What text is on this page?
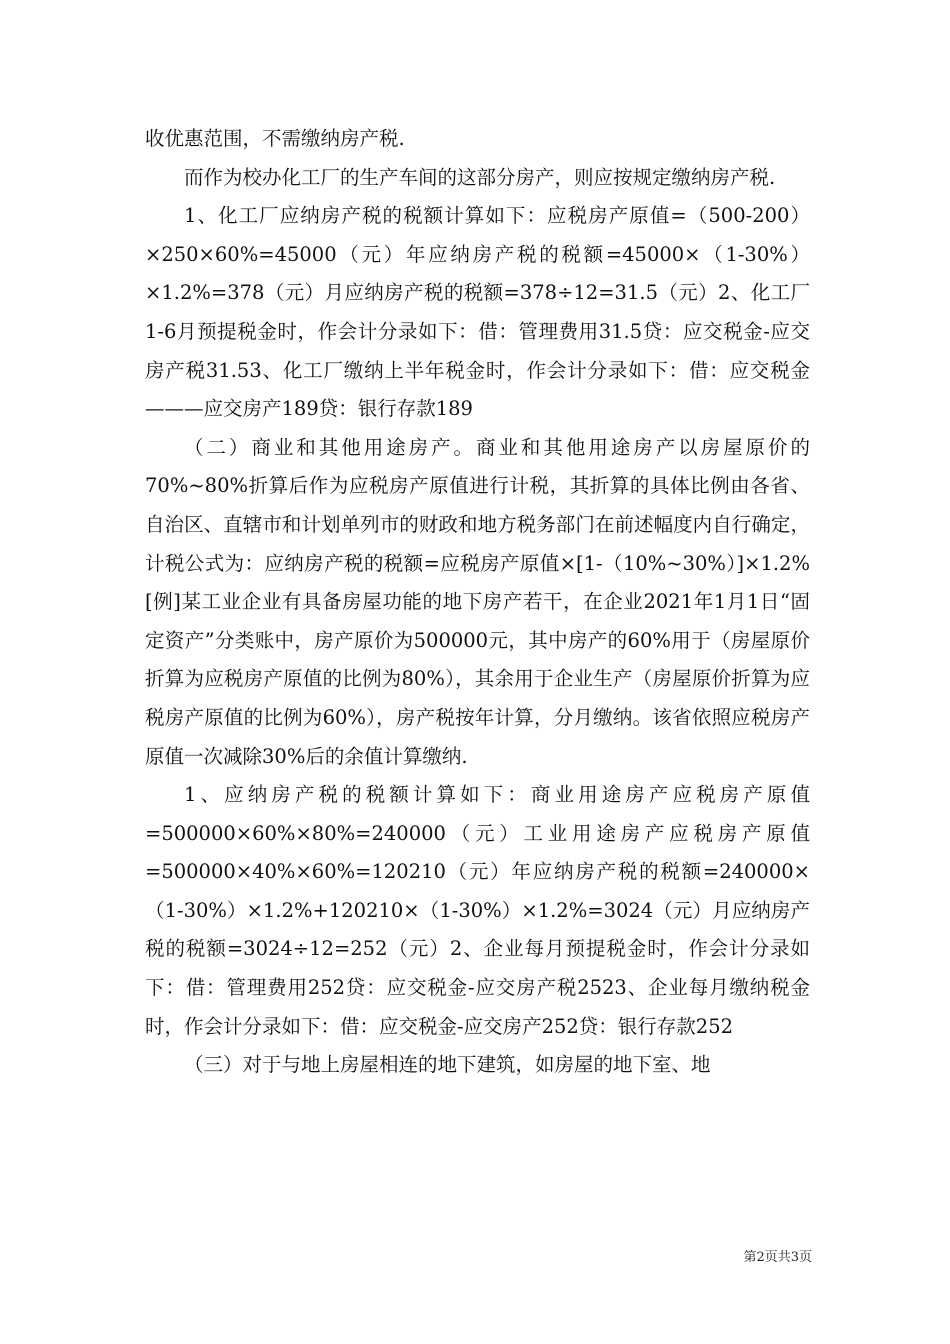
收优惠范围，不需缴纳房产税.

而作为校办化工厂的生产车间的这部分房产，则应按规定缴纳房产税.

1、化工厂应纳房产税的税额计算如下：应税房产原值=（500-200）×250×60%=45000（元）年应纳房产税的税额=45000×（1-30%）×1.2%=378（元）月应纳房产税的税额=378÷12=31.5（元）2、化工厂1-6月预提税金时，作会计分录如下：借：管理费用31.5贷：应交税金-应交房产税31.53、化工厂缴纳上半年税金时，作会计分录如下：借：应交税金———应交房产189贷：银行存款189

（二）商业和其他用途房产。商业和其他用途房产以房屋原价的70%~80%折算后作为应税房产原值进行计税，其折算的具体比例由各省、自治区、直辖市和计划单列市的财政和地方税务部门在前述幅度内自行确定，计税公式为：应纳房产税的税额=应税房产原值×[1-（10%~30%）]×1.2%[例]某工业企业有具备房屋功能的地下房产若干，在企业2021年1月1日“固定资产”分类账中，房产原价为500000元，其中房产的60%用于（房屋原价折算为应税房产原值的比例为80%），其余用于企业生产（房屋原价折算为应税房产原值的比例为60%），房产税按年计算，分月缴纳。该省依照应税房产原值一次减除30%后的余值计算缴纳.

1、应纳房产税的税额计算如下：商业用途房产应税房产原值=500000×60%×80%=240000（元）工业用途房产应税房产原值=500000×40%×60%=120210（元）年应纳房产税的税额=240000×（1-30%）×1.2%+120210×（1-30%）×1.2%=3024（元）月应纳房产税的税额=3024÷12=252（元）2、企业每月预提税金时，作会计分录如下：借：管理费用252贷：应交税金-应交房产税2523、企业每月缴纳税金时，作会计分录如下：借：应交税金-应交房产252贷：银行存款252

（三）对于与地上房屋相连的地下建筑，如房屋的地下室、地

第2页共3页
